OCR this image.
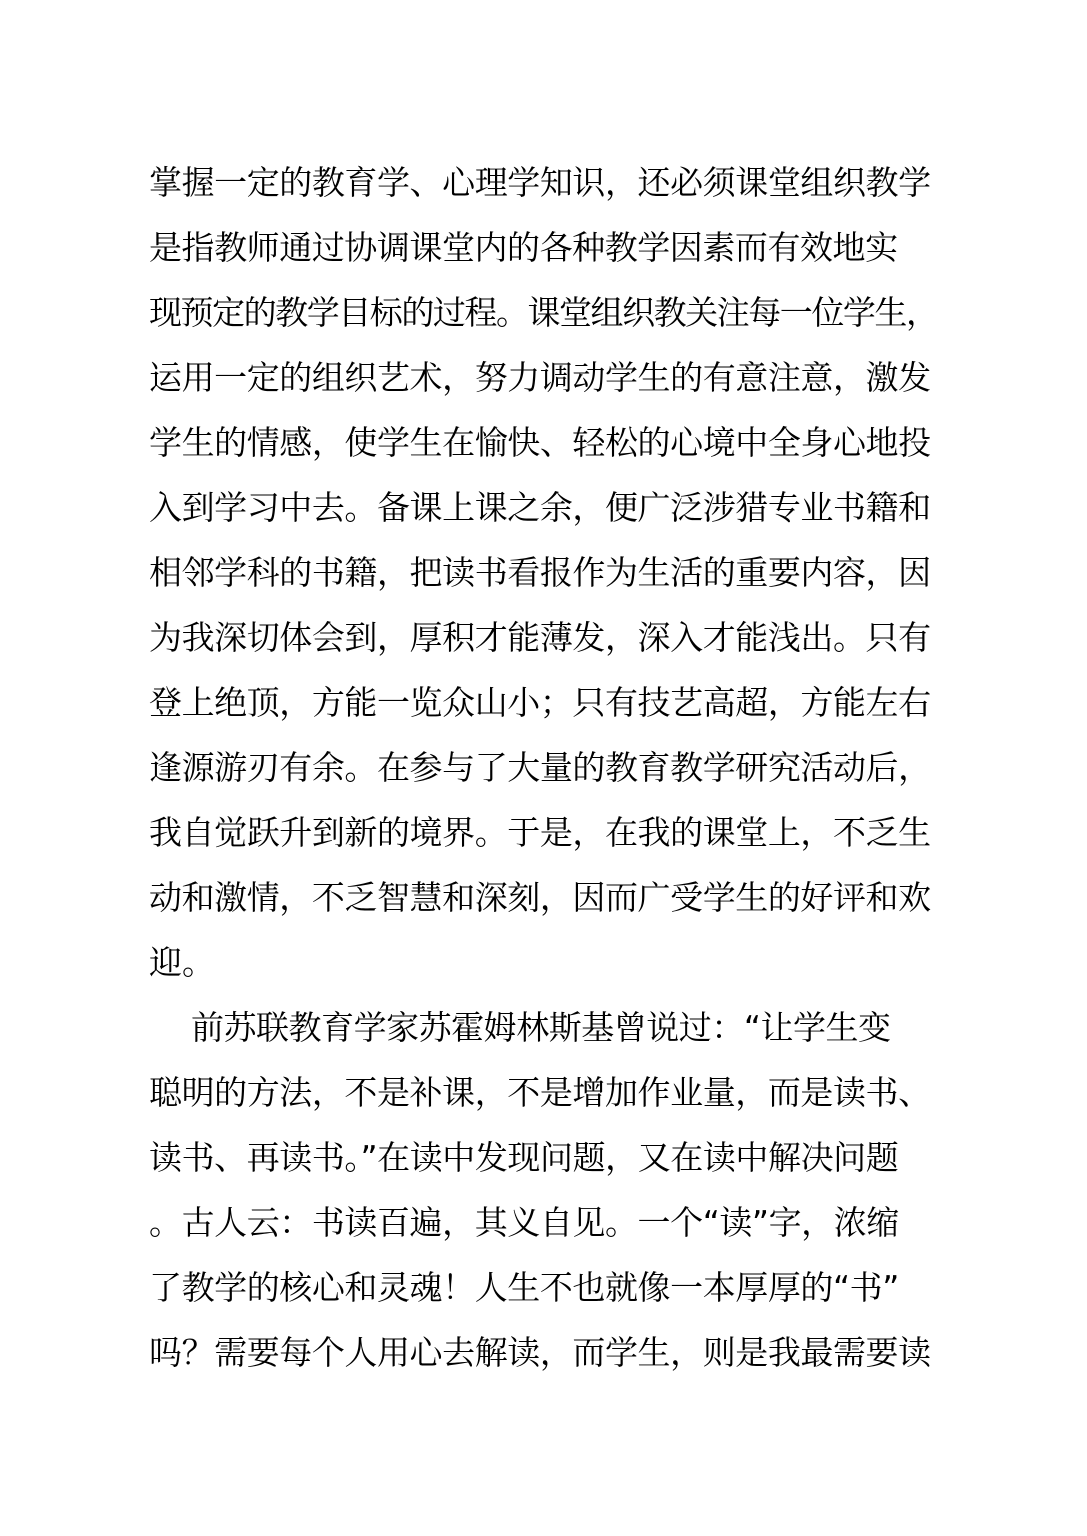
掌握一定的教育学、心理学知识，还必须课堂组织教学
是指教师通过协调课堂内的各种教学因素而有效地实
现预定的教学目标的过程。课堂组织教关注每一位学生，
运用一定的组织艺术，努力调动学生的有意注意，激发
学生的情感，使学生在愉快、轻松的心境中全身心地投
入到学习中去。备课上课之余，便广泛涉猎专业书籍和
相邻学科的书籍，把读书看报作为生活的重要内容，因
为我深切体会到，厚积才能薄发，深入才能浅出。只有
登上绝顶，方能一览众山小；只有技艺高超，方能左右
逢源游刃有余。在参与了大量的教育教学研究活动后，
我自觉跃升到新的境界。于是，在我的课堂上，不乏生
动和激情，不乏智慧和深刻，因而广受学生的好评和欢
迎。
前苏联教育学家苏霍姆林斯基曾说过：“让学生变
聪明的方法，不是补课，不是增加作业量，而是读书、
读书、再读书。”在读中发现问题，又在读中解决问题
。古人云：书读百遍，其义自见。一个“读”字，浓缩
了教学的核心和灵魂！人生不也就像一本厚厚的“书”
吗？需要每个人用心去解读，而学生，则是我最需要读
